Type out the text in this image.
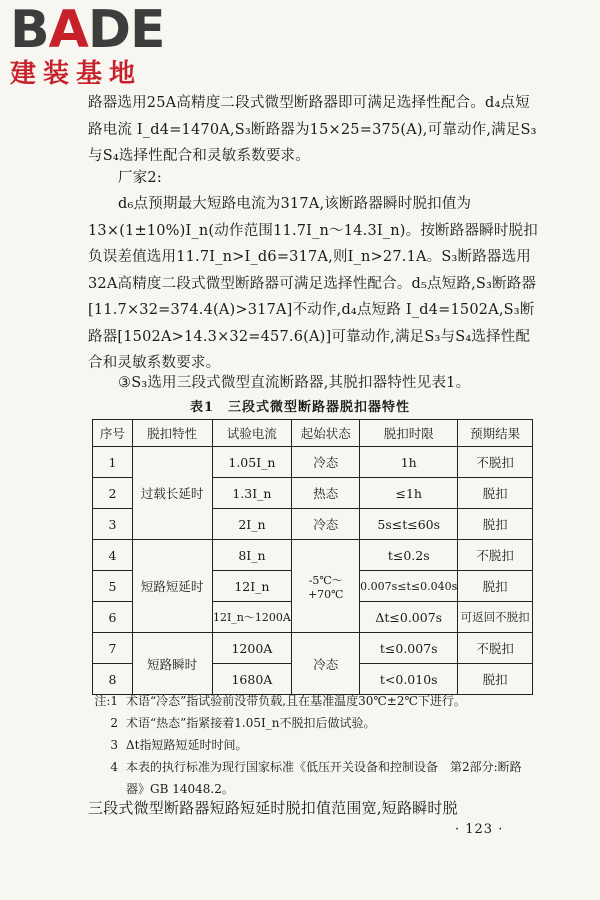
BADE
建装基地

路器选用25A高精度二段式微型断路器即可满足选择性配合。d₄点短路电流 I_d4=1470A,S₃断路器为15×25=375(A),可靠动作,满足S₃与S₄选择性配合和灵敏系数要求。

厂家2:

d₆点预期最大短路电流为317A,该断路器瞬时脱扣值为13×(1±10%)I_n(动作范围11.7I_n～14.3I_n)。按断路器瞬时脱扣负误差值选用11.7I_n>I_d6=317A,则I_n>27.1A。S₃断路器选用32A高精度二段式微型断路器可满足选择性配合。d₅点短路,S₃断路器[11.7×32=374.4(A)>317A]不动作,d₄点短路 I_d4=1502A,S₃断路器[1502A>14.3×32=457.6(A)]可靠动作,满足S₃与S₄选择性配合和灵敏系数要求。

③S₃选用三段式微型直流断路器,其脱扣器特性见表1。

表1　三段式微型断路器脱扣器特性
序号	脱扣特性	试验电流	起始状态	脱扣时限	预期结果
1	过载长延时	1.05I_n	冷态	1h	不脱扣
2		1.3I_n	热态	≤1h	脱扣
3		2I_n	冷态	5s≤t≤60s	脱扣
4	短路短延时	8I_n	-5℃～+70℃	t≤0.2s	不脱扣
5		12I_n		0.007s≤t≤0.040s	脱扣
6		12I_n～1200A		Δt≤0.007s	可返回不脱扣
7	短路瞬时	1200A	冷态	t≤0.007s	不脱扣
8		1680A		t<0.010s	脱扣
注:1 术语“冷态”指试验前没带负载,且在基准温度30℃±2℃下进行。
2 术语“热态”指紧接着1.05I_n不脱扣后做试验。
3 Δt指短路短延时时间。
4 本表的执行标准为现行国家标准《低压开关设备和控制设备　第2部分:断路器》GB 14048.2。

三段式微型断路器短路短延时脱扣值范围宽,短路瞬时脱

· 123 ·
